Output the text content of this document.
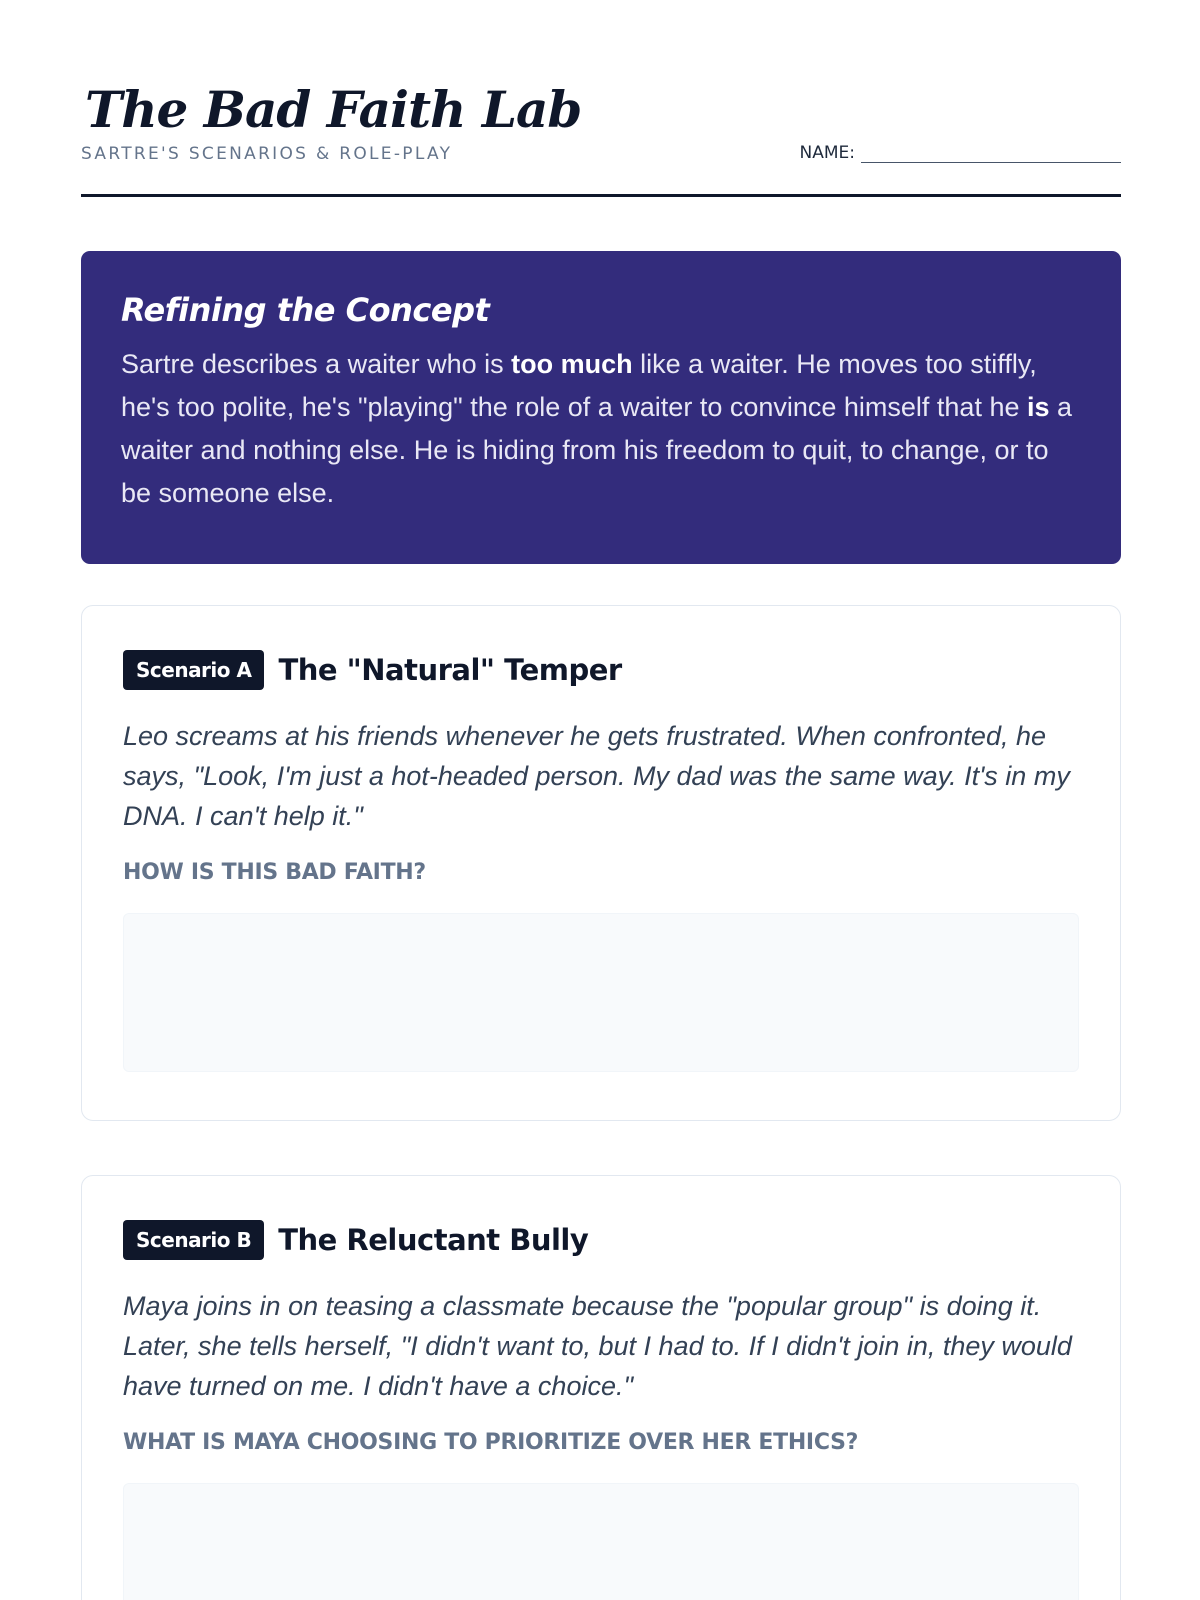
The Bad Faith Lab
SARTRE'S SCENARIOS & ROLE-PLAY	NAME:
Refining the Concept

Sartre describes a waiter who is too much like a waiter. He moves too stiffly, he's too polite, he's "playing" the role of a waiter to convince himself that he is a waiter and nothing else. He is hiding from his freedom to quit, to change, or to be someone else.

Scenario A The "Natural" Temper

Leo screams at his friends whenever he gets frustrated. When confronted, he says, "Look, I'm just a hot-headed person. My dad was the same way. It's in my DNA. I can't help it."

HOW IS THIS BAD FAITH?
Scenario B The Reluctant Bully

Maya joins in on teasing a classmate because the "popular group" is doing it. Later, she tells herself, "I didn't want to, but I had to. If I didn't join in, they would have turned on me. I didn't have a choice."

WHAT IS MAYA CHOOSING TO PRIORITIZE OVER HER ETHICS?
